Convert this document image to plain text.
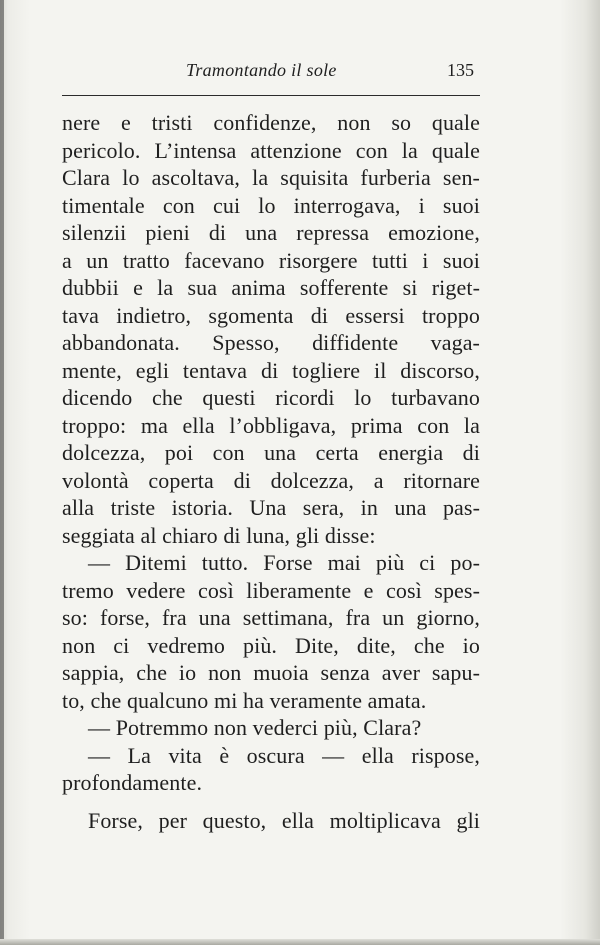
Tramontando il sole	135
nere e tristi confidenze, non so quale
pericolo. L’intensa attenzione con la quale
Clara lo ascoltava, la squisita furberia sen-
timentale con cui lo interrogava, i suoi
silenzii pieni di una repressa emozione,
a un tratto facevano risorgere tutti i suoi
dubbii e la sua anima sofferente si riget-
tava indietro, sgomenta di essersi troppo
abbandonata. Spesso, diffidente vaga-
mente, egli tentava di togliere il discorso,
dicendo che questi ricordi lo turbavano
troppo: ma ella l’obbligava, prima con la
dolcezza, poi con una certa energia di
volontà coperta di dolcezza, a ritornare
alla triste istoria. Una sera, in una pas-
seggiata al chiaro di luna, gli disse:
— Ditemi tutto. Forse mai più ci po-
tremo vedere così liberamente e così spes-
so: forse, fra una settimana, fra un giorno,
non ci vedremo più. Dite, dite, che io
sappia, che io non muoia senza aver sapu-
to, che qualcuno mi ha veramente amata.
— Potremmo non vederci più, Clara?
— La vita è oscura — ella rispose,
profondamente.
Forse, per questo, ella moltiplicava gli
